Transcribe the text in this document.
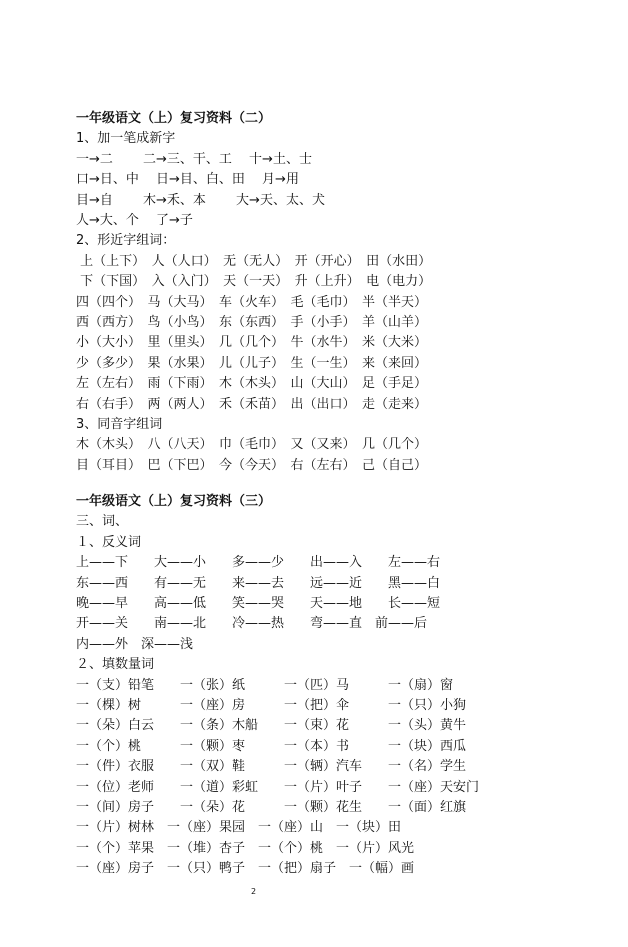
一年级语文（上）复习资料（二）
1、加一笔成新字
一→二　　 二→三、干、工　 十→土、士
口→日、中　 日→目、白、田　 月→用
目→自　　 木→禾、本　　 大→天、太、犬
人→大、个　 了→子
2、形近字组词：
上（上下）　人（人口）　无（无人）　开（开心）　田（水田）
下（下国）　入（入门）　天（一天）　升（上升）　电（电力）
四（四个）　马（大马）　车（火车）　毛（毛巾）　半（半天）
西（西方）　鸟（小鸟）　东（东西）　手（小手）　羊（山羊）
小（大小）　里（里头）　几（几个）　牛（水牛）　米（大米）
少（多少）　果（水果）　儿（儿子）　生（一生）　来（来回）
左（左右）　雨（下雨）　木（木头）　山（大山）　足（手足）
右（右手）　两（两人）　禾（禾苗）　出（出口）　走（走来）
3、同音字组词
木（木头）　八（八天）　巾（毛巾）　又（又来）　几（几个）
目（耳目）　巴（下巴）　今（今天）　右（左右）　己（自己）
一年级语文（上）复习资料（三）
三、词、
１、反义词
上——下　　大——小　　多——少　　出——入　　左——右
东——西　　有——无　　来——去　　远——近　　黑——白
晚——早　　高——低　　笑——哭　　天——地　　长——短
开——关　　南——北　　冷——热　　弯——直　前——后
内——外　深——浅
２、填数量词
一（支）铅笔　　一（张）纸　　　一（匹）马　　　一（扇）窗
一（棵）树　　　一（座）房　　　一（把）伞　　　一（只）小狗
一（朵）白云　　一（条）木船　　一（束）花　　　一（头）黄牛
一（个）桃　　　一（颗）枣　　　一（本）书　　　一（块）西瓜
一（件）衣服　　一（双）鞋　　　一（辆）汽车　　一（名）学生
一（位）老师　　一（道）彩虹　　一（片）叶子　　一（座）天安门
一（间）房子　　一（朵）花　　　一（颗）花生　　一（面）红旗
一（片）树林　一（座）果园　一（座）山　一（块）田
一（个）苹果　一（堆）杏子　一（个）桃　一（片）风光
一（座）房子　一（只）鸭子　一（把）扇子　一（幅）画
2
